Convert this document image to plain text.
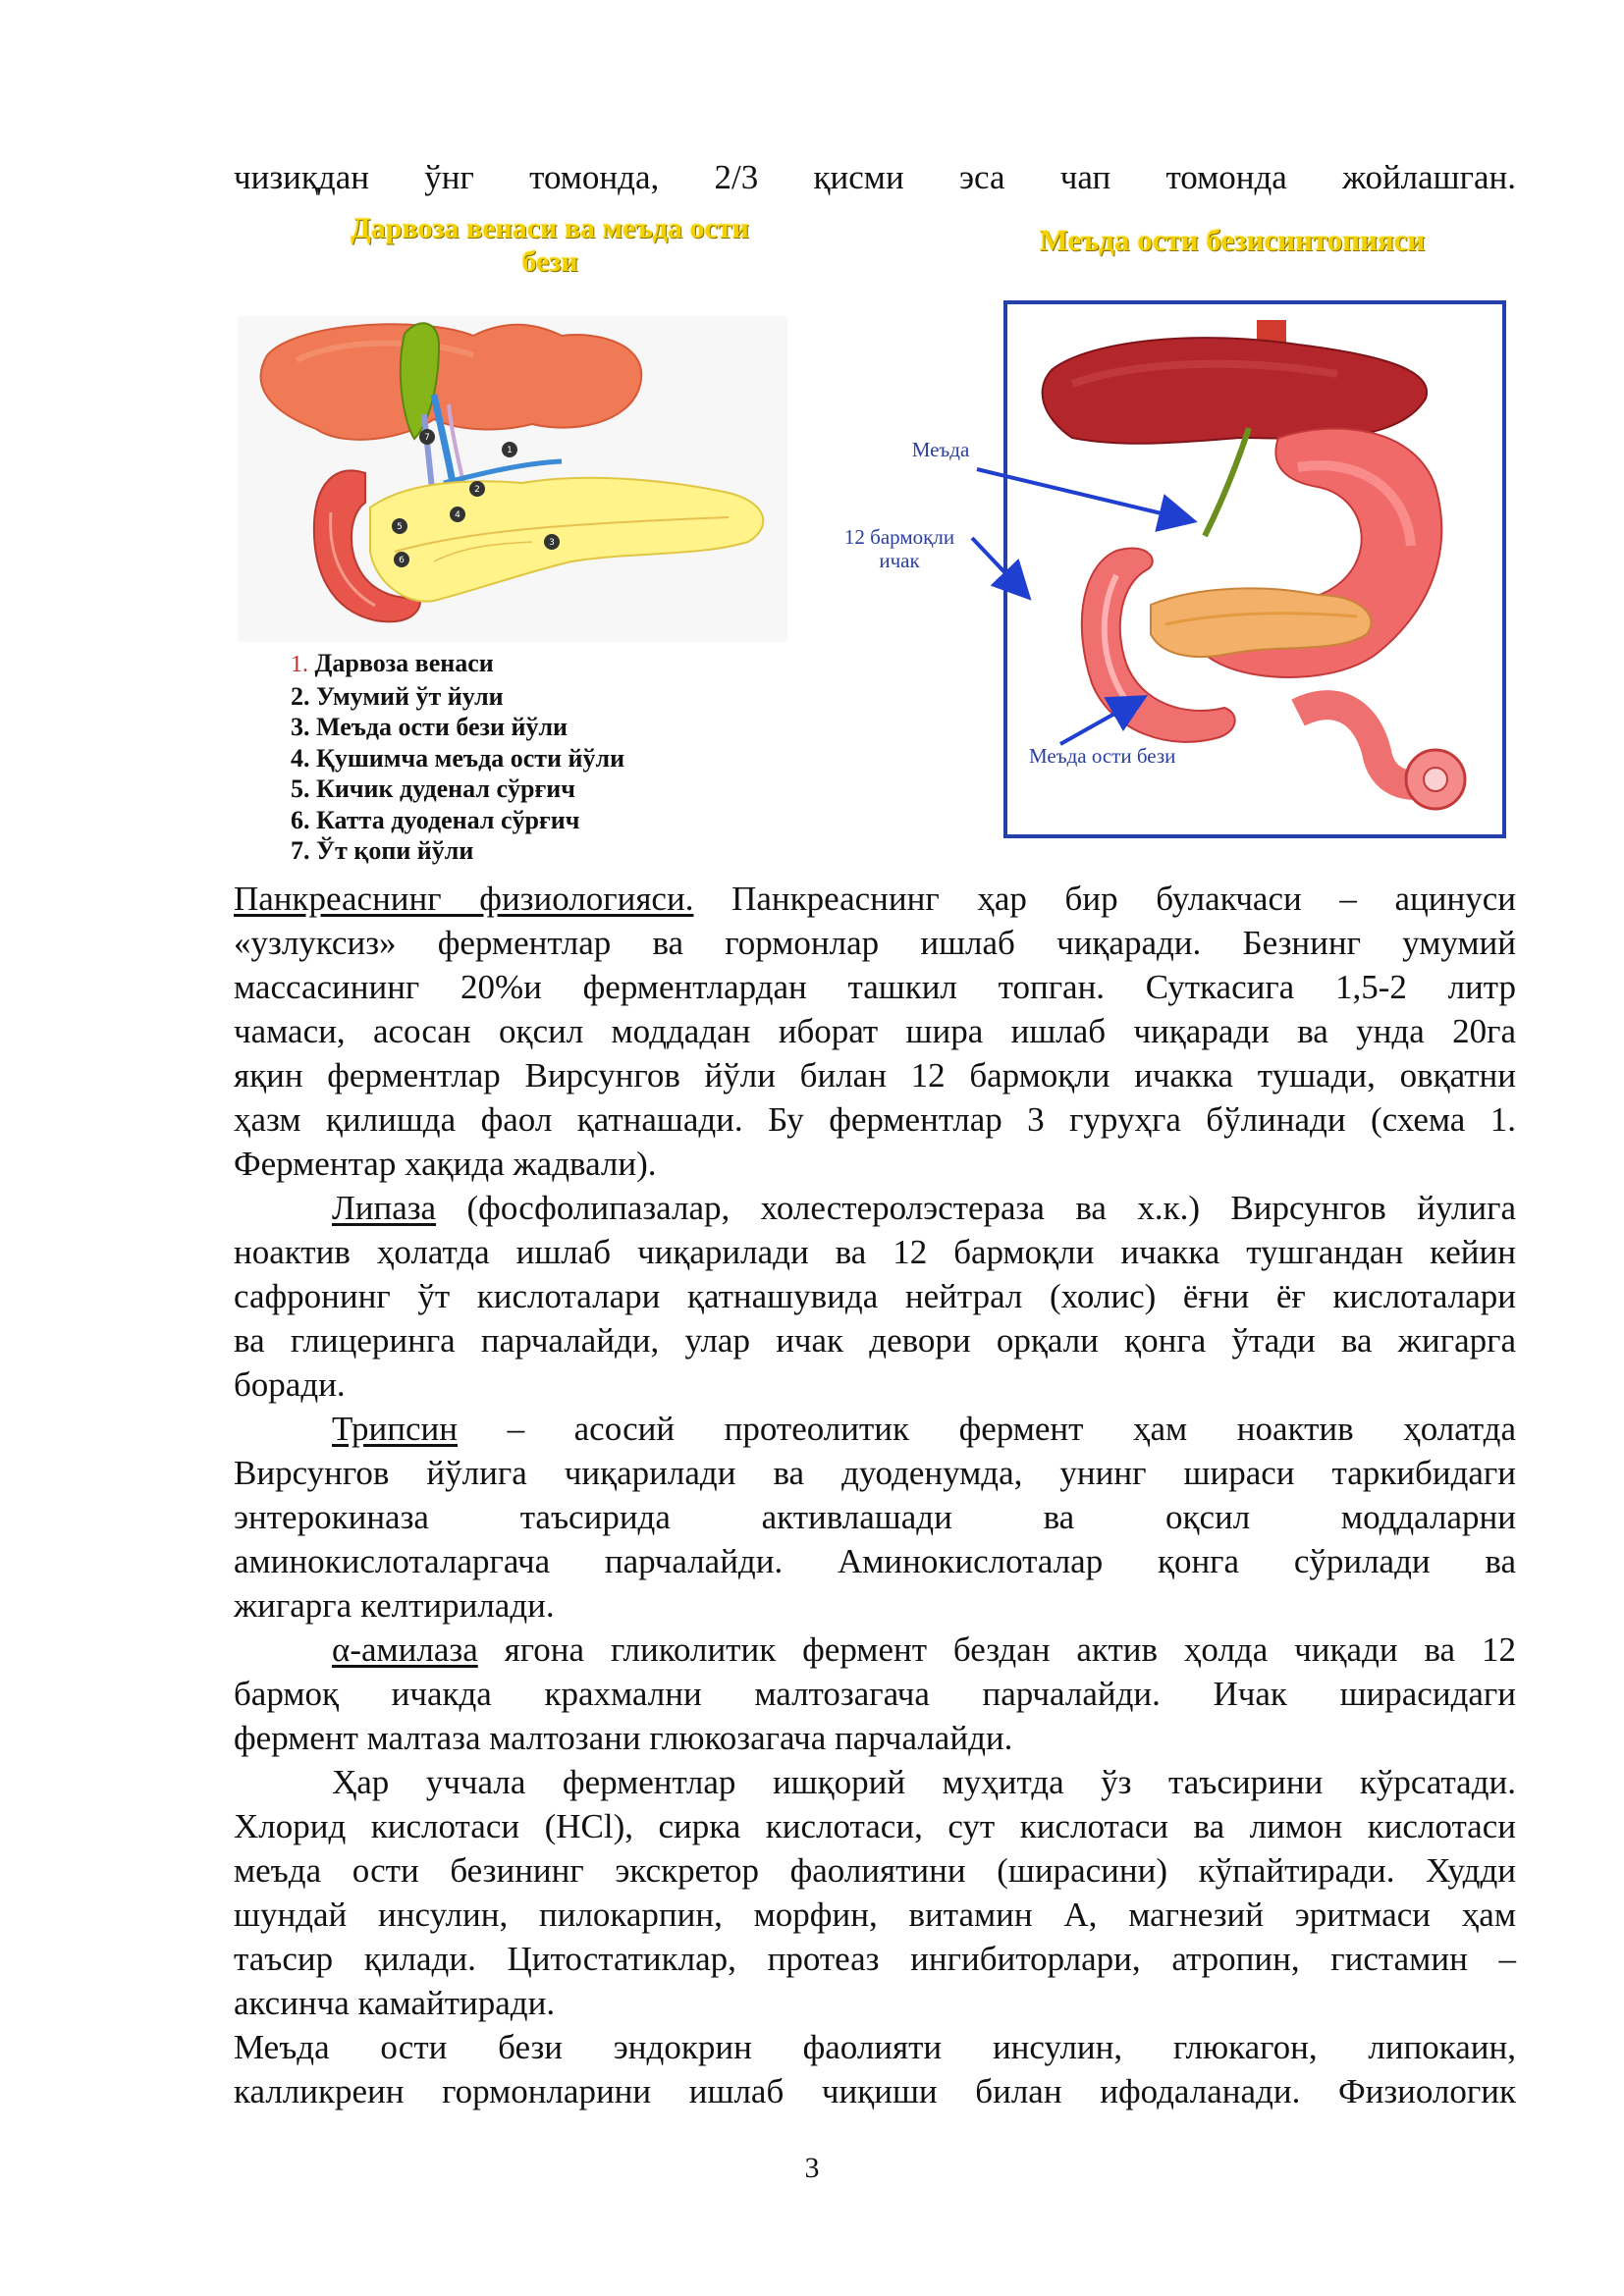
чизиқдан ўнг томонда, 2/3 қисми эса чап томонда жойлашган.
Дарвоза венаси ва меъда ости
бези
7
1
2
4
5
6
3
1. Дарвоза венаси
2. Умумий ўт йули
3. Меъда ости бези йўли
4. Қушимча меъда ости йўли
5. Кичик дуденал сўрғич
6. Катта дуоденал сўрғич
7. Ўт қопи йўли
Меъда ости безисинтопияси
Меъда
12 бармоқли
ичак
Меъда ости бези
Панкреаснинг физиологияси. Панкреаснинг ҳар бир булакчаси – ацинуси
«узлуксиз» ферментлар ва гормонлар ишлаб чиқаради. Безнинг умумий
массасининг 20%и ферментлардан ташкил топган. Суткасига 1,5-2 литр
чамаси, асосан оқсил моддадан иборат шира ишлаб чиқаради ва унда 20га
яқин ферментлар Вирсунгов йўли билан 12 бармоқли ичакка тушади, овқатни
ҳазм қилишда фаол қатнашади. Бу ферментлар 3 гуруҳга бўлинади (схема 1.
Ферментар хақида жадвали).
Липаза (фосфолипазалар, холестеролэстераза ва х.к.) Вирсунгов йулига
ноактив ҳолатда ишлаб чиқарилади ва 12 бармоқли ичакка тушгандан кейин
сафронинг ўт кислоталари қатнашувида нейтрал (холис) ёғни ёғ кислоталари
ва глицеринга парчалайди, улар ичак девори орқали қонга ўтади ва жигарга
боради.
Трипсин – асосий протеолитик фермент ҳам ноактив ҳолатда
Вирсунгов йўлига чиқарилади ва дуоденумда, унинг шираси таркибидаги
энтерокиназа таъсирида активлашади ва оқсил моддаларни
аминокислоталаргача парчалайди. Аминокислоталар қонга сўрилади ва
жигарга келтирилади.
α-амилаза ягона гликолитик фермент бездан актив ҳолда чиқади ва 12
бармоқ ичакда крахмални малтозагача парчалайди. Ичак ширасидаги
фермент малтаза малтозани глюкозагача парчалайди.
Ҳар уччала ферментлар ишқорий муҳитда ўз таъсирини кўрсатади.
Хлорид кислотаси (HCl), сирка кислотаси, сут кислотаси ва лимон кислотаси
меъда ости безининг экскретор фаолиятини (ширасини) кўпайтиради. Худди
шундай инсулин, пилокарпин, морфин, витамин А, магнезий эритмаси ҳам
таъсир қилади. Цитостатиклар, протеаз ингибиторлари, атропин, гистамин –
аксинча камайтиради.
Меъда ости бези эндокрин фаолияти инсулин, глюкагон, липокаин,
калликреин гормонларини ишлаб чиқиши билан ифодаланади. Физиологик
3
